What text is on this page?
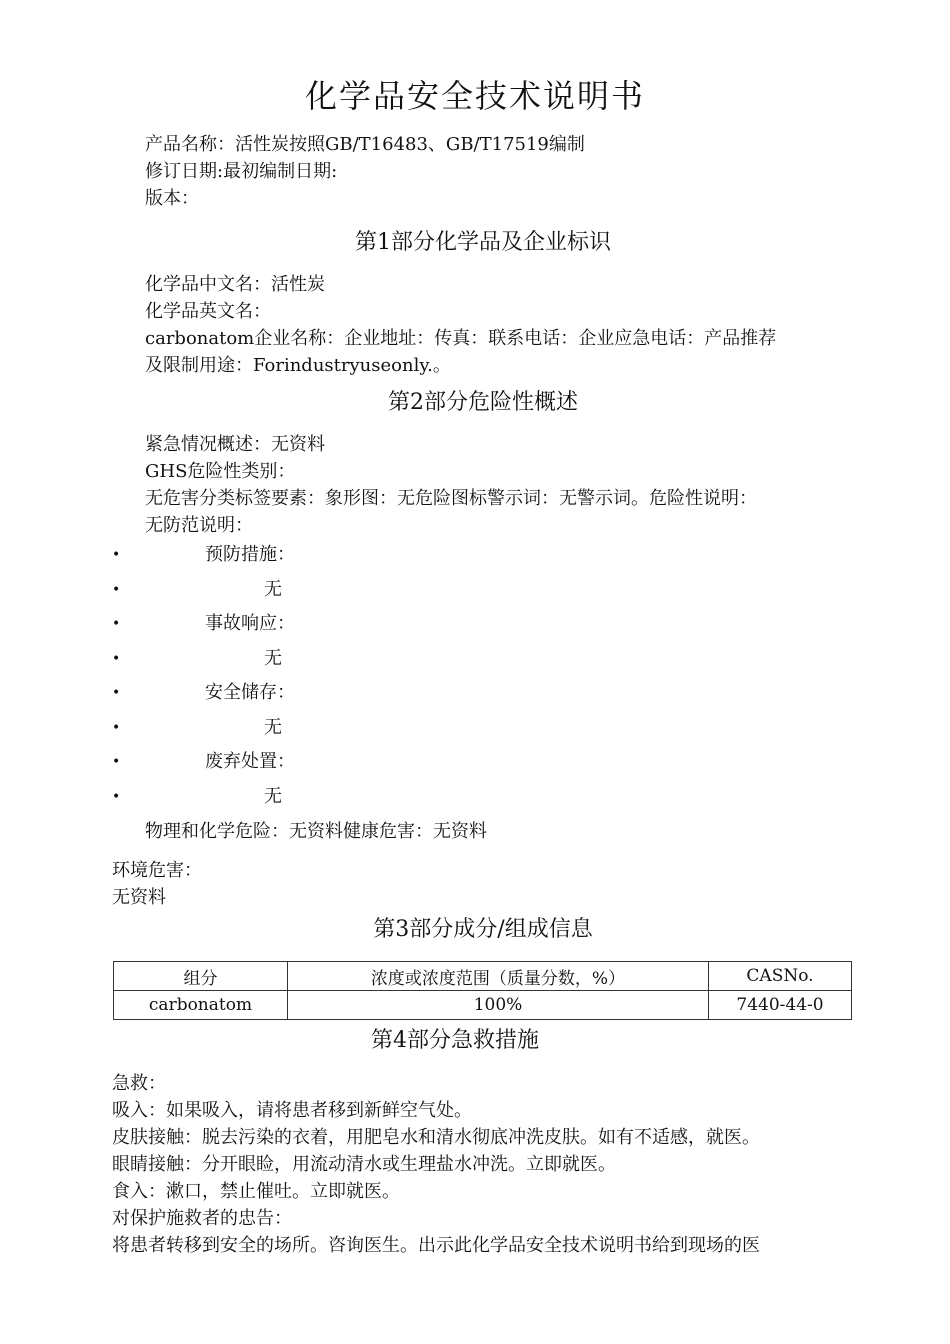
化学品安全技术说明书
产品名称：活性炭按照GB/T16483、GB/T17519编制
修订日期:最初编制日期:
版本：
第1部分化学品及企业标识
化学品中文名：活性炭
化学品英文名：
carbonatom企业名称：企业地址：传真：联系电话：企业应急电话：产品推荐
及限制用途：Forindustryuseonly.。
第2部分危险性概述
紧急情况概述：无资料
GHS危险性类别：
无危害分类标签要素：象形图：无危险图标警示词：无警示词。危险性说明：
无防范说明：
•	预防措施：
•	无
•	事故响应：
•	无
•	安全储存：
•	无
•	废弃处置：
•	无
物理和化学危险：无资料健康危害：无资料
环境危害：
无资料
第3部分成分/组成信息
组分	浓度或浓度范围（质量分数，%）	CASNo.
carbonatom	100%	7440-44-0
第4部分急救措施
急救：
吸入：如果吸入，请将患者移到新鲜空气处。
皮肤接触：脱去污染的衣着，用肥皂水和清水彻底冲洗皮肤。如有不适感，就医。
眼睛接触：分开眼睑，用流动清水或生理盐水冲洗。立即就医。
食入：漱口，禁止催吐。立即就医。
对保护施救者的忠告：
将患者转移到安全的场所。咨询医生。出示此化学品安全技术说明书给到现场的医
